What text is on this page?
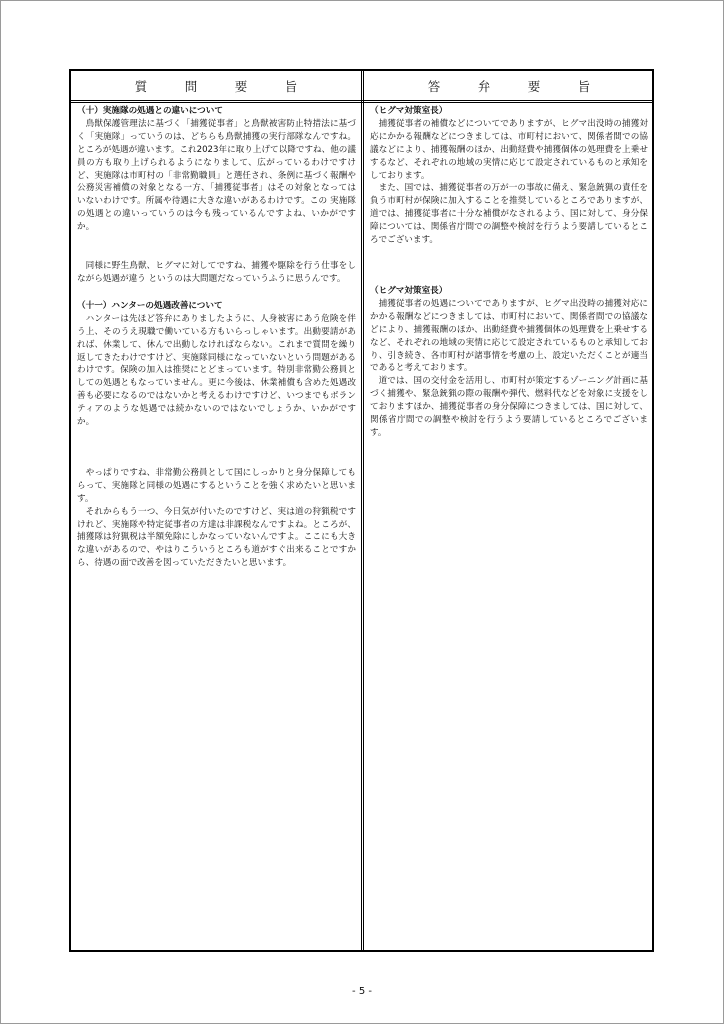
質　　　問　　　要　　　旨	答　　　弁　　　要　　　旨
（十）実施隊の処遇との違いについて
鳥獣保護管理法に基づく「捕獲従事者」と鳥獣被害防止特措法に基づく「実施隊」っていうのは、どちらも鳥獣捕獲の実行部隊なんですね。ところが処遇が違います。これ2023年に取り上げて以降ですね、他の議員の方も取り上げられるようになりまして、広がっているわけですけど、実施隊は市町村の「非常勤職員」と選任され、条例に基づく報酬や公務災害補償の対象となる一方、「捕獲従事者」はその対象となってはいないわけです。所属や待遇に大きな違いがあるわけです。この 実施隊の処遇との違いっていうのは今も残っているんですよね、いかがですか。
同様に野生鳥獣、ヒグマに対してですね、捕獲や駆除を行う仕事をしながら処遇が違う というのは大問題だなっていうふうに思うんです。
（十一）ハンターの処遇改善について
ハンターは先ほど答弁にありましたように、人身被害にあう危険を伴う上、そのうえ現職で働いている方もいらっしゃいます。出動要請があれば、休業して、休んで出動しなければならない。これまで質問を繰り返してきたわけですけど、実施隊同様になっていないという問題があるわけです。保険の加入は推奨にとどまっています。特別非常勤公務員としての処遇ともなっていません。更に今後は、休業補償も含めた処遇改善も必要になるのではないかと考えるわけですけど、いつまでもボランティアのような処遇では続かないのではないでしょうか、いかがですか。
やっぱりですね、非常勤公務員として国にしっかりと身分保障してもらって、実施隊と同様の処遇にするということを強く求めたいと思います。
それからもう一つ、今日気が付いたのですけど、実は道の狩猟税ですけれど、実施隊や特定従事者の方達は非課税なんですよね。ところが、捕獲隊は狩猟税は半額免除にしかなっていないんですよ。ここにも大きな違いがあるので、やはりこういうところも道がすぐ出来ることですから、待遇の面で改善を図っていただきたいと思います。
（ヒグマ対策室長）
捕獲従事者の補償などについてでありますが、ヒグマ出没時の捕獲対応にかかる報酬などにつきましては、市町村において、関係者間での協議などにより、捕獲報酬のほか、出動経費や捕獲個体の処理費を上乗せするなど、それぞれの地域の実情に応じて設定されているものと承知をしております。
また、国では、捕獲従事者の万が一の事故に備え、緊急銃猟の責任を負う市町村が保険に加入することを推奨しているところでありますが、道では、捕獲従事者に十分な補償がなされるよう、国に対して、身分保障については、関係省庁間での調整や検討を行うよう要請しているところでございます。
（ヒグマ対策室長）
捕獲従事者の処遇についてでありますが、ヒグマ出没時の捕獲対応にかかる報酬などにつきましては、市町村において、関係者間での協議などにより、捕獲報酬のほか、出動経費や捕獲個体の処理費を上乗せするなど、それぞれの地域の実情に応じて設定されているものと承知しており、引き続き、各市町村が諸事情を考慮の上、設定いただくことが適当であると考えております。
道では、国の交付金を活用し、市町村が策定するゾーニング計画に基づく捕獲や、緊急銃猟の際の報酬や弾代、燃料代などを対象に支援をしておりますほか、捕獲従事者の身分保障につきましては、国に対して、関係省庁間での調整や検討を行うよう要請しているところでございます。
- 5 -
